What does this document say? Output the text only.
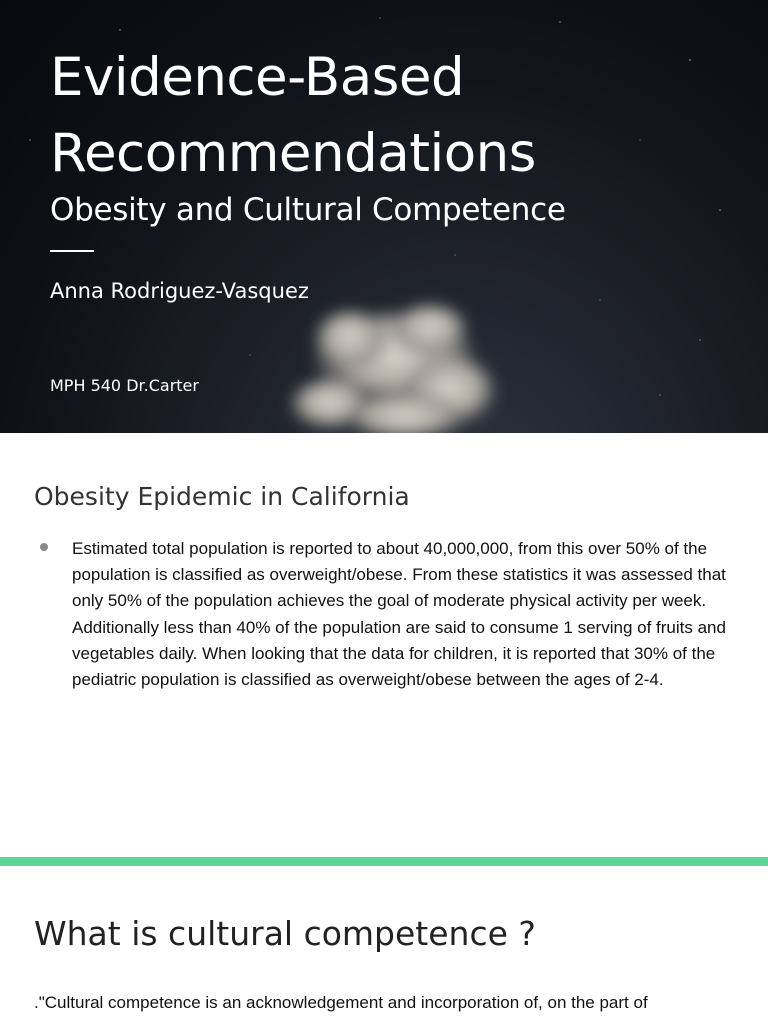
Evidence-Based Recommendations
Obesity and Cultural Competence
Anna Rodriguez-Vasquez
MPH 540 Dr.Carter
Obesity Epidemic in California

Estimated total population is reported to about 40,000,000, from this over 50% of the population is classified as overweight/obese. From these statistics it was assessed that only 50% of the population achieves the goal of moderate physical activity per week. Additionally less than 40% of the population are said to consume 1 serving of fruits and vegetables daily. When looking that the data for children, it is reported that 30% of the pediatric population is classified as overweight/obese between the ages of 2-4.

What is cultural competence ?

."Cultural competence is an acknowledgement and incorporation of, on the part of
